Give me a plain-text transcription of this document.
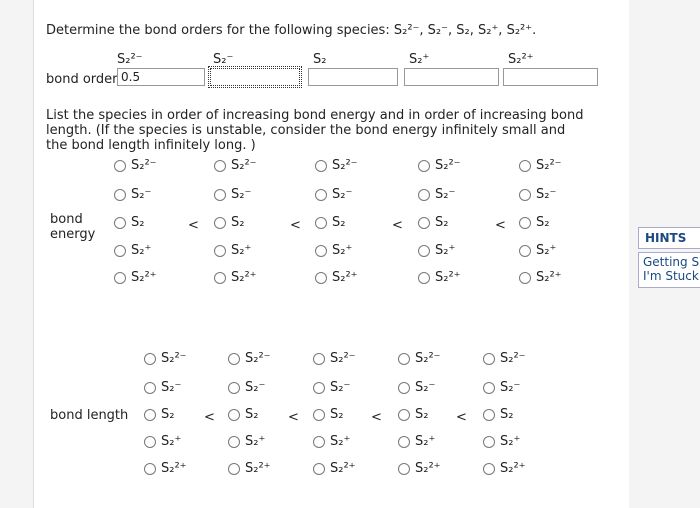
Determine the bond orders for the following species: S₂²⁻, S₂⁻, S₂, S₂⁺, S₂²⁺.
S₂²⁻	S₂⁻	S₂	S₂⁺	S₂²⁺
bond order 0.5
List the species in order of increasing bond energy and in order of increasing bond length. (If the species is unstable, consider the bond energy infinitely small and the bond length infinitely long. )
bond
energy
S₂²⁻
S₂⁻
S₂
S₂⁺
S₂²⁺
S₂²⁻
S₂⁻
S₂
S₂⁺
S₂²⁺
S₂²⁻
S₂⁻
S₂
S₂⁺
S₂²⁺
S₂²⁻
S₂⁻
S₂
S₂⁺
S₂²⁺
S₂²⁻
S₂⁻
S₂
S₂⁺
S₂²⁺
<	<	<	<
bond length
S₂²⁻
S₂⁻
S₂
S₂⁺
S₂²⁺
S₂²⁻
S₂⁻
S₂
S₂⁺
S₂²⁺
S₂²⁻
S₂⁻
S₂
S₂⁺
S₂²⁺
S₂²⁻
S₂⁻
S₂
S₂⁺
S₂²⁺
S₂²⁻
S₂⁻
S₂
S₂⁺
S₂²⁺
<	<	<	<
HINTS
Getting S
I'm Stuck
